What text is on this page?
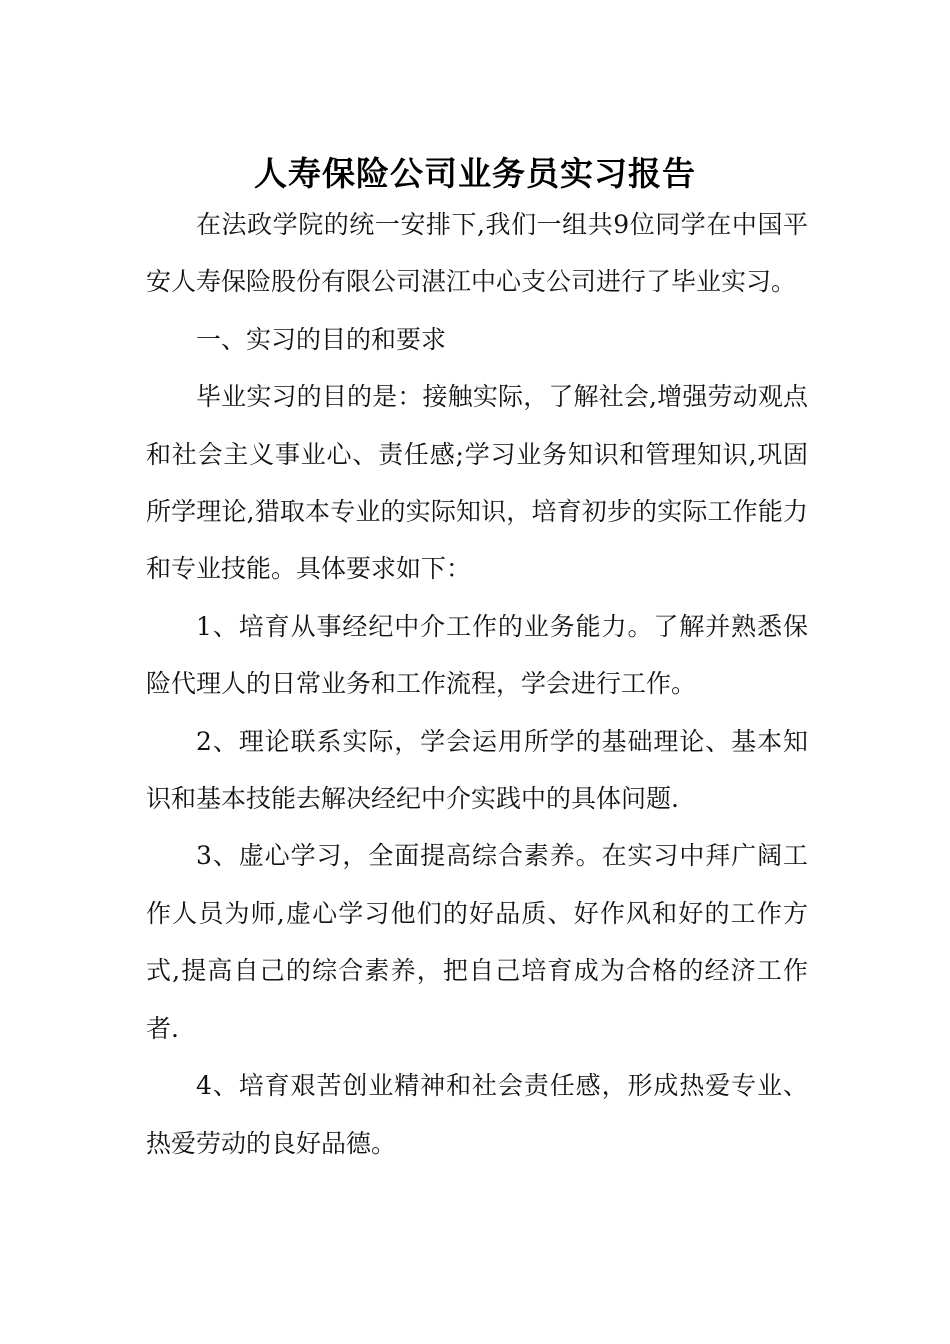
人寿保险公司业务员实习报告

在法政学院的统一安排下,我们一组共9位同学在中国平安人寿保险股份有限公司湛江中心支公司进行了毕业实习。

一、实习的目的和要求

毕业实习的目的是：接触实际，了解社会,增强劳动观点和社会主义事业心、责任感;学习业务知识和管理知识,巩固所学理论,猎取本专业的实际知识，培育初步的实际工作能力和专业技能。具体要求如下：

1、培育从事经纪中介工作的业务能力。了解并熟悉保险代理人的日常业务和工作流程，学会进行工作。

2、理论联系实际，学会运用所学的基础理论、基本知识和基本技能去解决经纪中介实践中的具体问题.

3、虚心学习，全面提高综合素养。在实习中拜广阔工作人员为师,虚心学习他们的好品质、好作风和好的工作方式,提高自己的综合素养，把自己培育成为合格的经济工作者.

4、培育艰苦创业精神和社会责任感，形成热爱专业、热爱劳动的良好品德。
